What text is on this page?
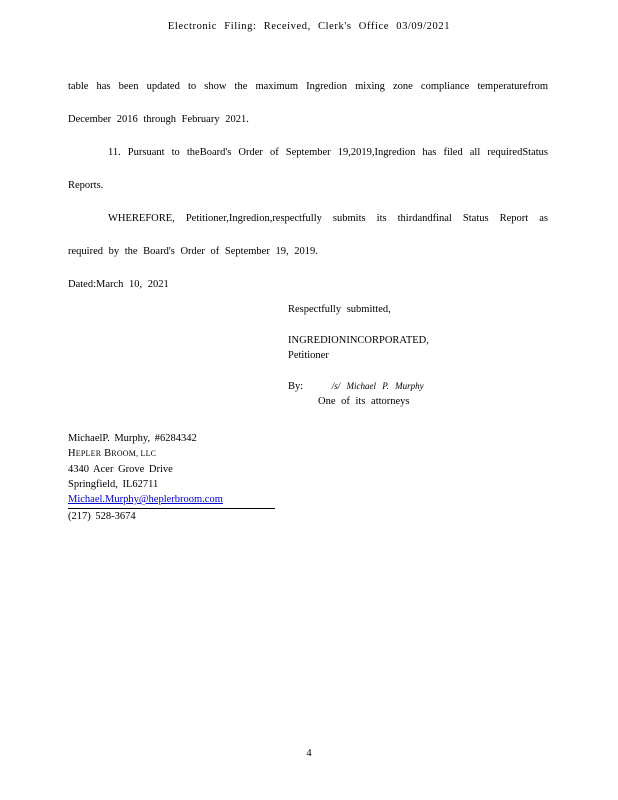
Electronic Filing: Received, Clerk's Office 03/09/2021

table has been updated to show the maximum Ingredion mixing zone compliance temperaturefrom December 2016 through February 2021.

11. Pursuant to theBoard's Order of September 19,2019,Ingredion has filed all requiredStatus Reports.

WHEREFORE, Petitioner,Ingredion,respectfully submits its thirdandfinal Status Report as required by the Board's Order of September 19, 2019.

Dated:March 10, 2021

Respectfully submitted,

INGREDIONINCORPORATED,

Petitioner

By:	/s/ Michael P. Murphy

One of its attorneys

MichaelP. Murphy, #6284342

HEPLER BROOM, LLC

4340 Acer Grove Drive

Springfield, IL62711

Michael.Murphy@heplerbroom.com

(217) 528-3674

4
